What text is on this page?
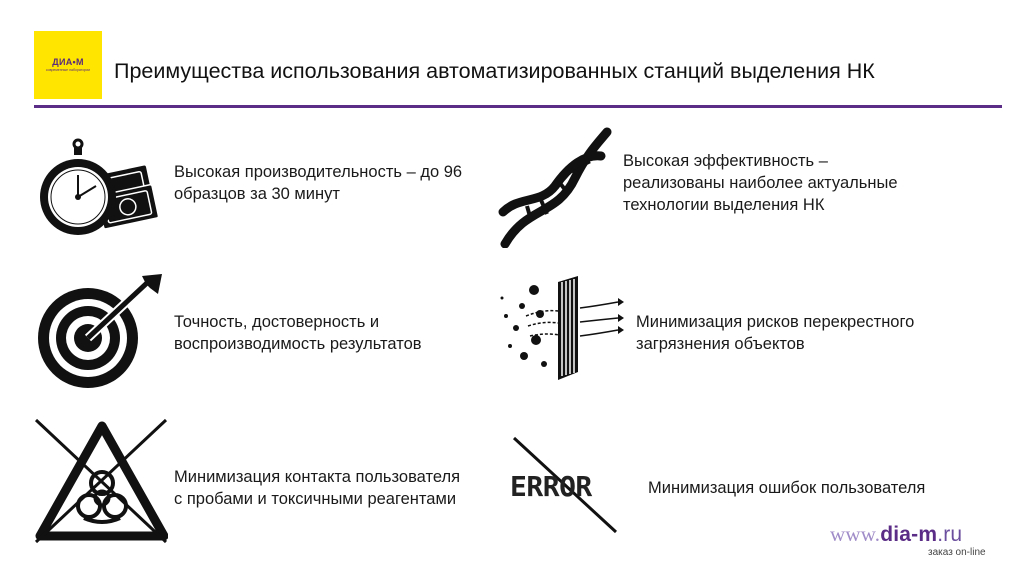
ДИА•М
современные лаборатории Преимущества использования автоматизированных станций выделения НК
Высокая производительность – до 96
образцов за 30 минут
Высокая эффективность –
реализованы наиболее актуальные
технологии выделения НК
Точность, достоверность и
воспроизводимость результатов
Минимизация рисков перекрестного
загрязнения объектов
Минимизация контакта пользователя
с пробами и токсичными реагентами ERROR	Минимизация ошибок пользователя
www.dia-m.ru
заказ on-line
